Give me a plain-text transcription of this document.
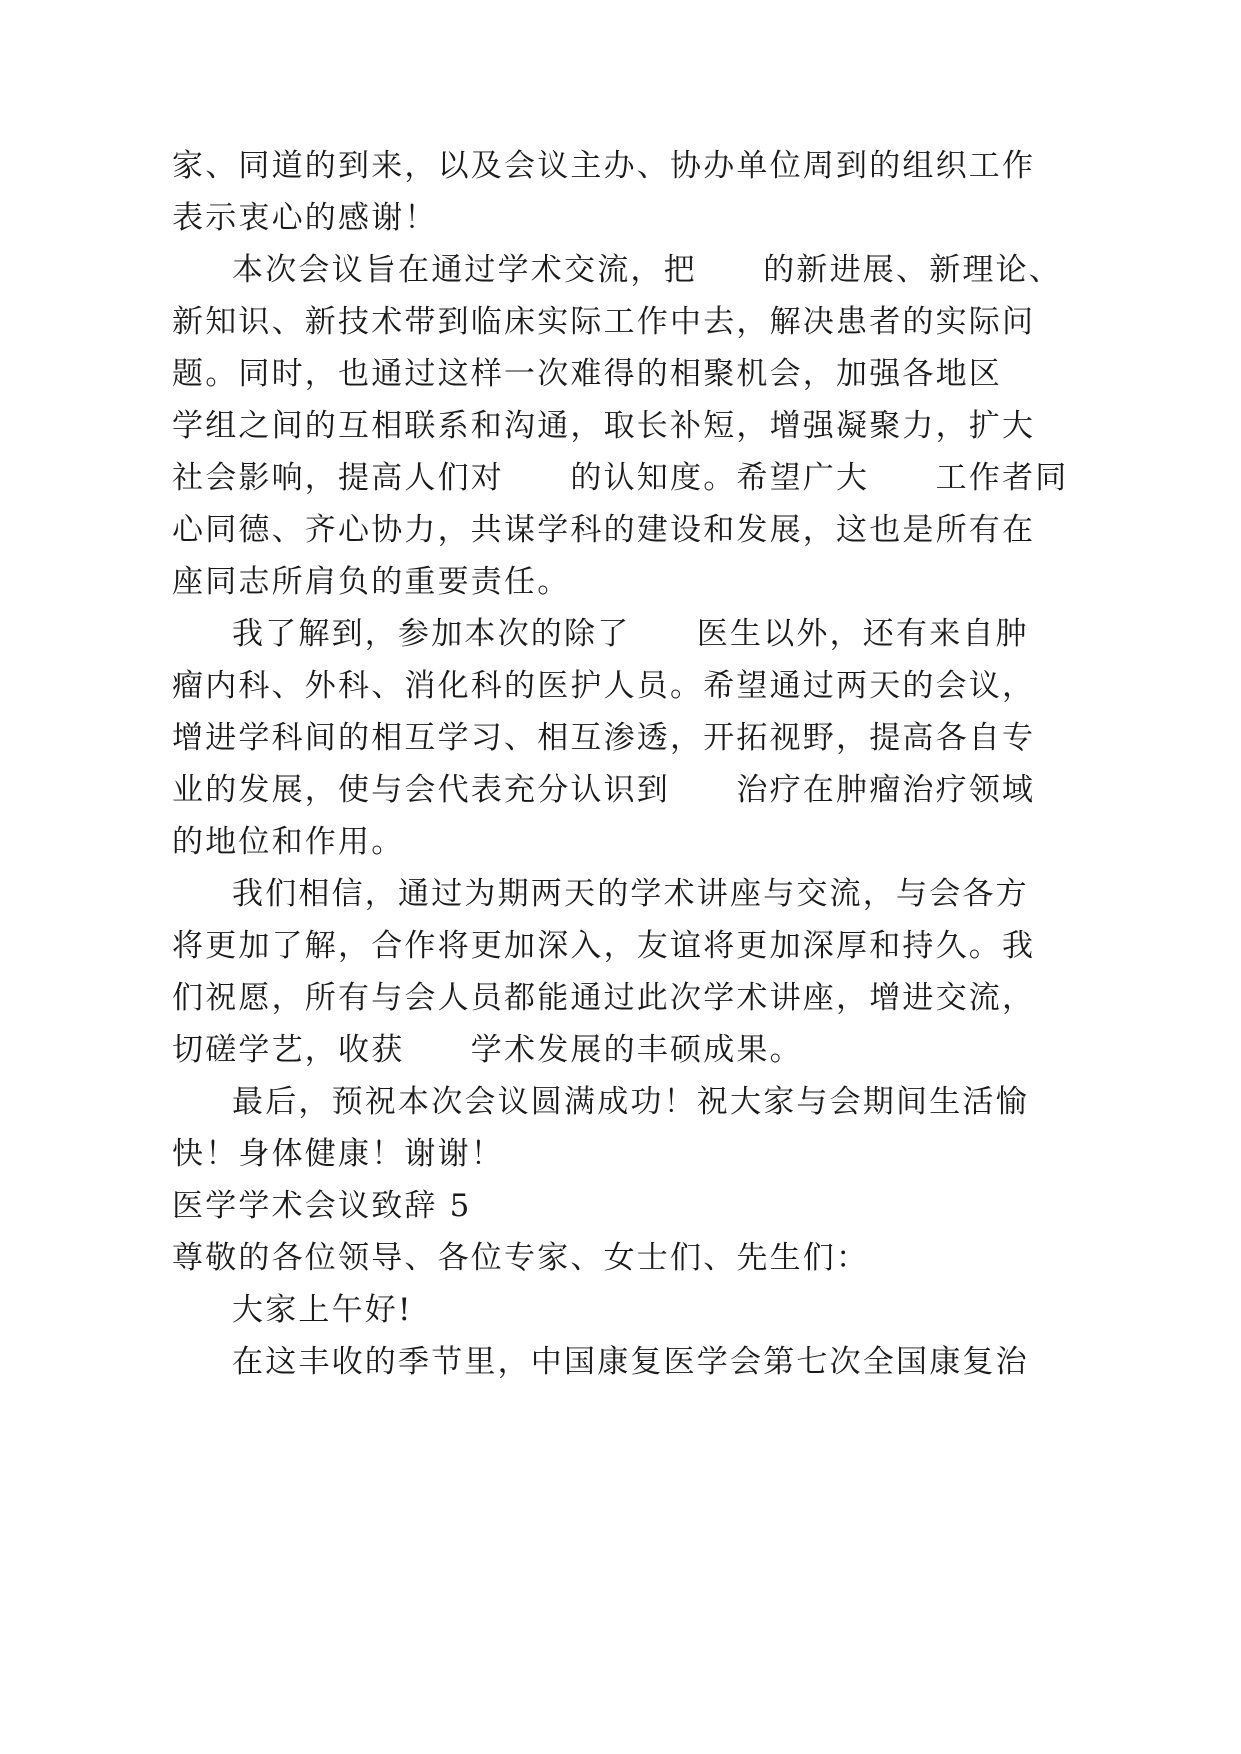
家、同道的到来，以及会议主办、协办单位周到的组织工作
表示衷心的感谢！
本次会议旨在通过学术交流，把　　的新进展、新理论、
新知识、新技术带到临床实际工作中去，解决患者的实际问
题。同时，也通过这样一次难得的相聚机会，加强各地区
学组之间的互相联系和沟通，取长补短，增强凝聚力，扩大
社会影响，提高人们对　　的认知度。希望广大　　工作者同
心同德、齐心协力，共谋学科的建设和发展，这也是所有在
座同志所肩负的重要责任。
我了解到，参加本次的除了　　医生以外，还有来自肿
瘤内科、外科、消化科的医护人员。希望通过两天的会议，
增进学科间的相互学习、相互渗透，开拓视野，提高各自专
业的发展，使与会代表充分认识到　　治疗在肿瘤治疗领域
的地位和作用。
我们相信，通过为期两天的学术讲座与交流，与会各方
将更加了解，合作将更加深入，友谊将更加深厚和持久。我
们祝愿，所有与会人员都能通过此次学术讲座，增进交流，
切磋学艺，收获　　学术发展的丰硕成果。
最后，预祝本次会议圆满成功！祝大家与会期间生活愉
快！身体健康！谢谢！
医学学术会议致辞 5
尊敬的各位领导、各位专家、女士们、先生们：
大家上午好!
在这丰收的季节里，中国康复医学会第七次全国康复治
